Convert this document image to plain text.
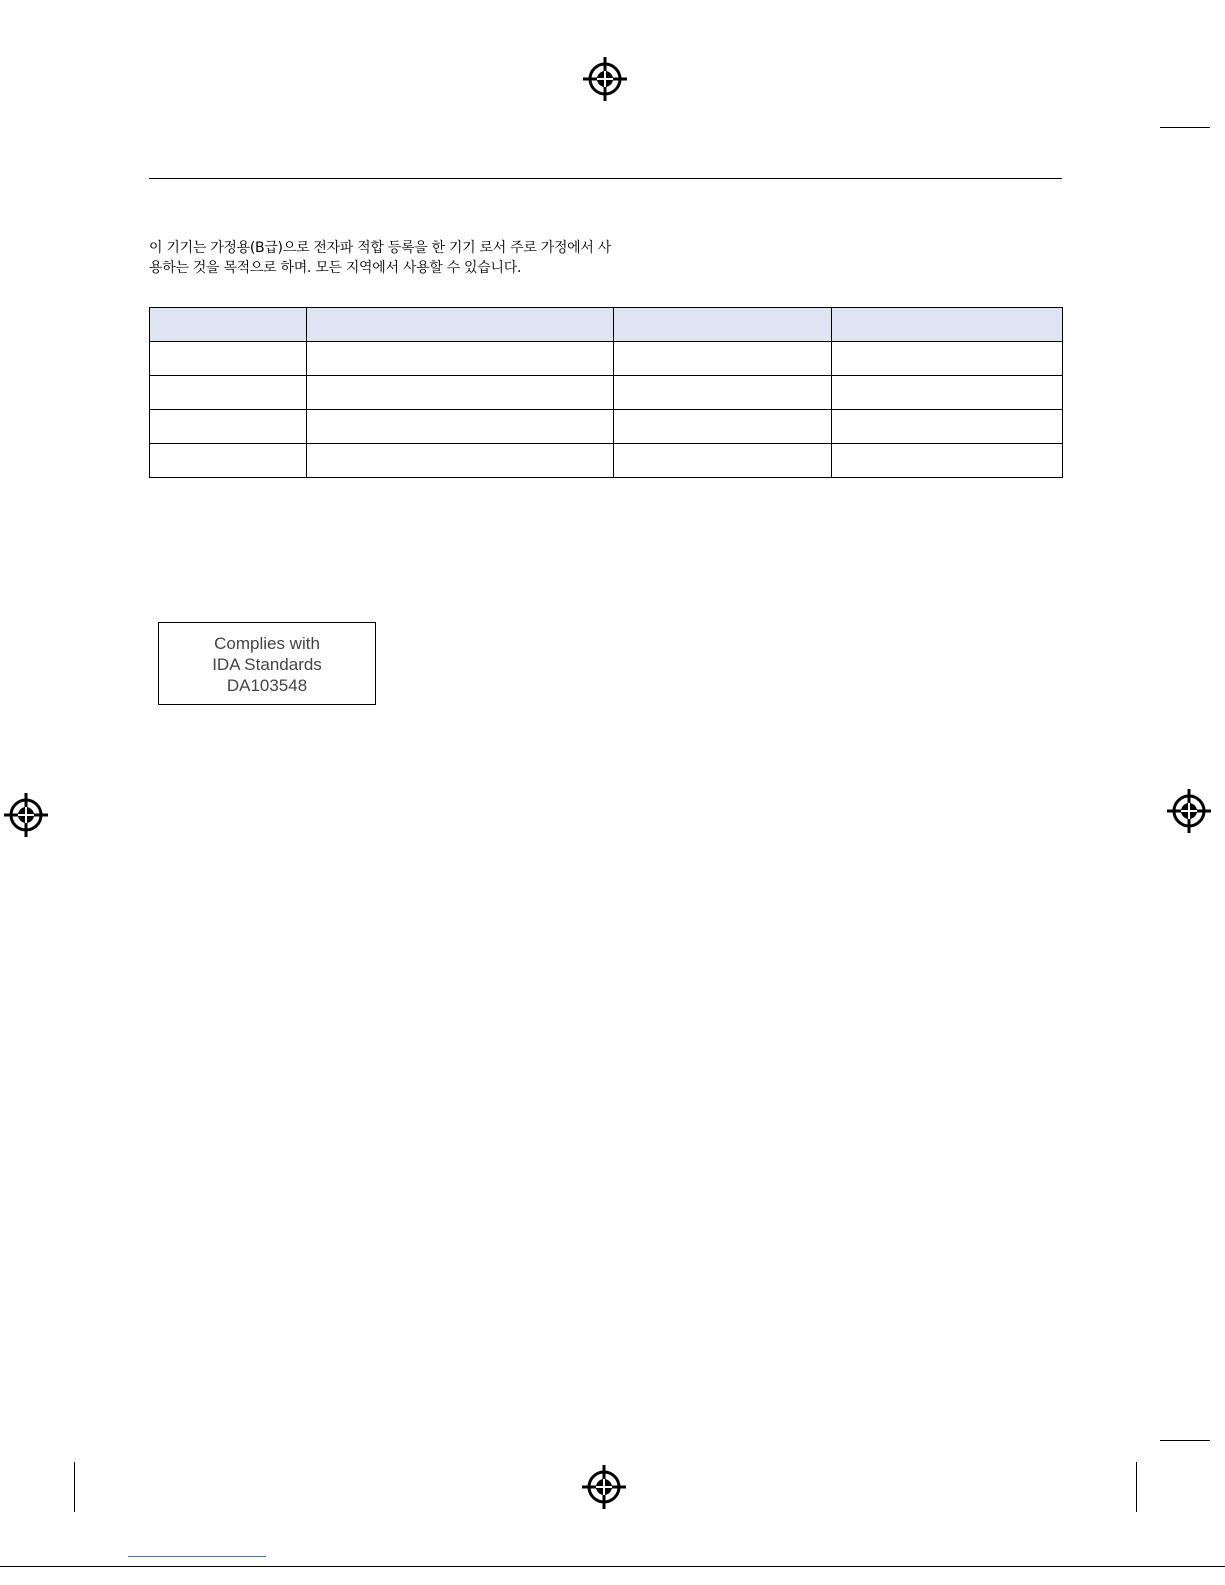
이 기기는 가정용(B급)으로 전자파 적합 등록을 한 기기 로서 주로 가정에서 사
용하는 것을 목적으로 하며. 모든 지역에서 사용할 수 있습니다.

Complies with
IDA Standards
DA103548
